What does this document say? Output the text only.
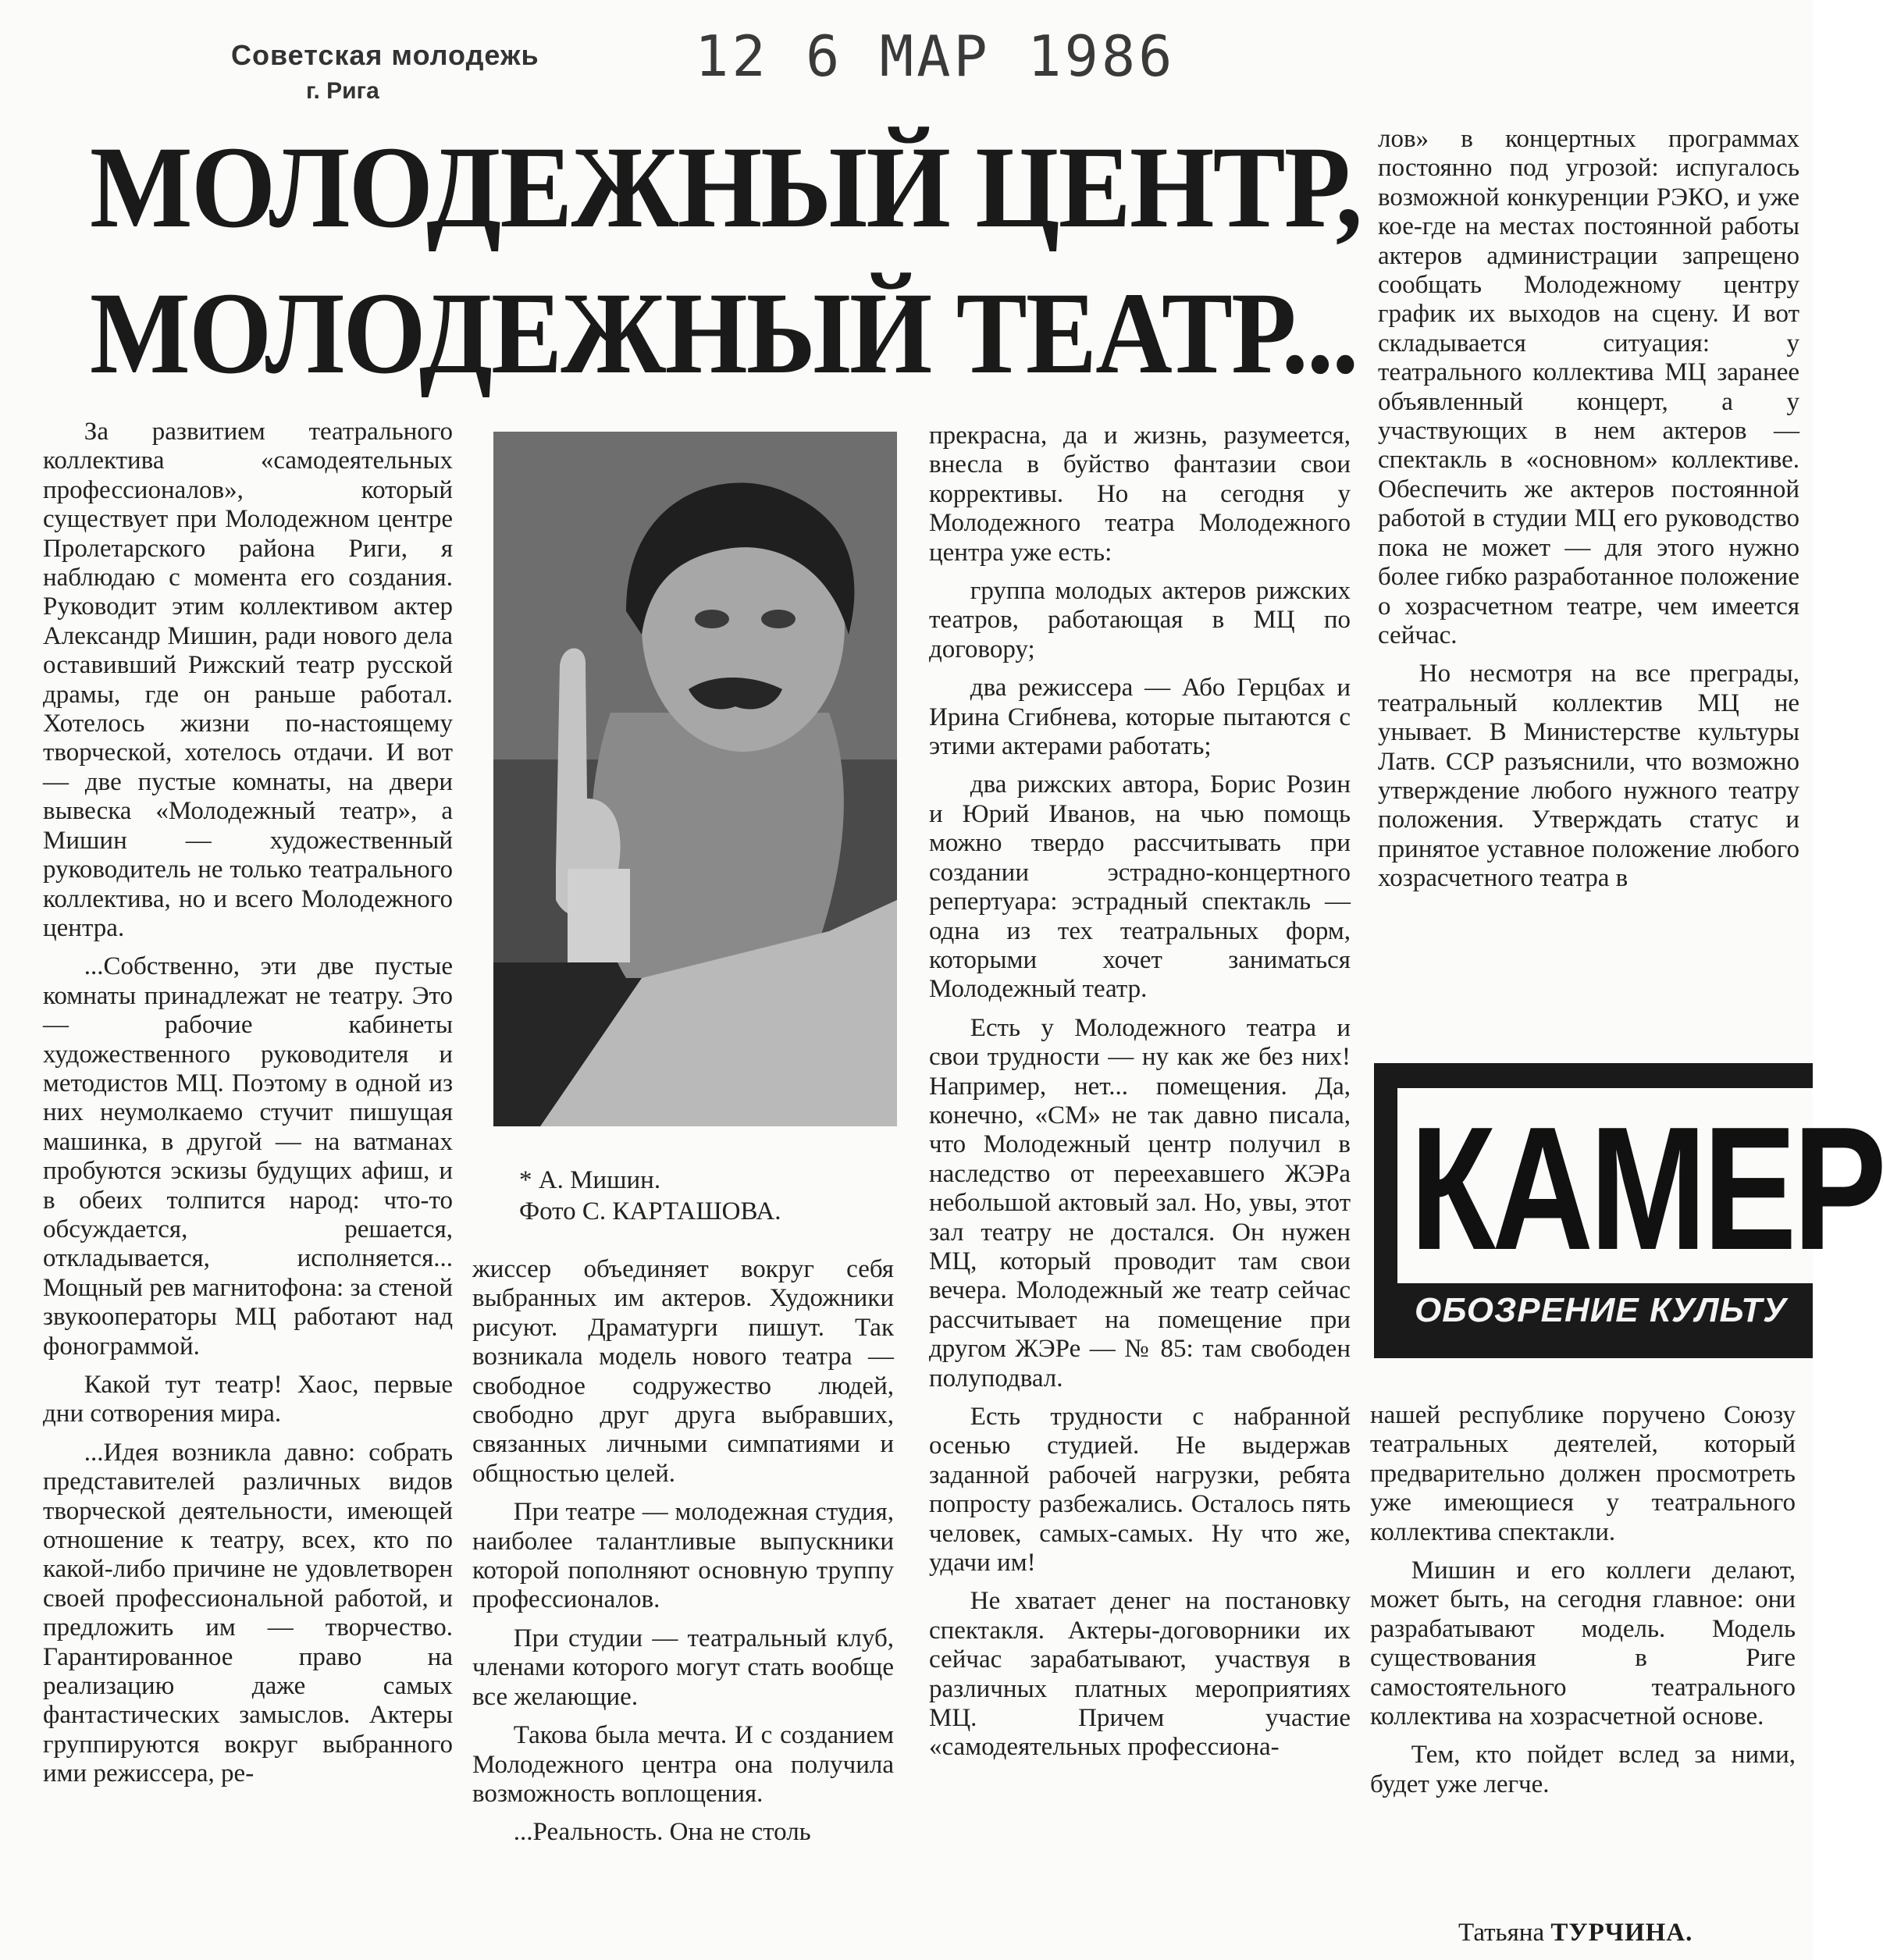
Советская молодежь
г. Рига
12 6 МАР 1986
МОЛОДЕЖНЫЙ ЦЕНТР,
МОЛОДЕЖНЫЙ ТЕАТР...

За развитием театрального коллектива «самодеятельных профессионалов», который существует при Молодежном центре Пролетарского района Риги, я наблюдаю с момента его создания. Руководит этим коллективом актер Александр Мишин, ради нового дела оставивший Рижский театр русской драмы, где он раньше работал. Хотелось жизни по-настоящему творческой, хотелось отдачи. И вот — две пустые комнаты, на двери вывеска «Молодежный театр», а Мишин — художественный руководитель не только театрального коллектива, но и всего Молодежного центра.

...Собственно, эти две пустые комнаты принадлежат не театру. Это — рабочие кабинеты художественного руководителя и методистов МЦ. Поэтому в одной из них неумолкаемо стучит пишущая машинка, в другой — на ватманах пробуются эскизы будущих афиш, и в обеих толпится народ: что-то обсуждается, решается, откладывается, исполняется... Мощный рев магнитофона: за стеной звукооператоры МЦ работают над фонограммой.

Какой тут театр! Хаос, первые дни сотворения мира.

...Идея возникла давно: собрать представителей различных видов творческой деятельности, имеющей отношение к театру, всех, кто по какой-либо причине не удовлетворен своей профессиональной работой, и предложить им — творчество. Гарантированное право на реализацию даже самых фантастических замыслов. Актеры группируются вокруг выбранного ими режиссера, ре-

* А. Мишин.
Фото С. КАРТАШОВА.

жиссер объединяет вокруг себя выбранных им актеров. Художники рисуют. Драматурги пишут. Так возникала модель нового театра — свободное содружество людей, свободно друг друга выбравших, связанных личными симпатиями и общностью целей.

При театре — молодежная студия, наиболее талантливые выпускники которой пополняют основную труппу профессионалов.

При студии — театральный клуб, членами которого могут стать вообще все желающие.

Такова была мечта. И с созданием Молодежного центра она получила возможность воплощения.

...Реальность. Она не столь

прекрасна, да и жизнь, разумеется, внесла в буйство фантазии свои коррективы. Но на сегодня у Молодежного театра Молодежного центра уже есть:

группа молодых актеров рижских театров, работающая в МЦ по договору;

два режиссера — Або Герцбах и Ирина Сгибнева, которые пытаются с этими актерами работать;

два рижских автора, Борис Розин и Юрий Иванов, на чью помощь можно твердо рассчитывать при создании эстрадно-концертного репертуара: эстрадный спектакль — одна из тех театральных форм, которыми хочет заниматься Молодежный театр.

Есть у Молодежного театра и свои трудности — ну как же без них! Например, нет... помещения. Да, конечно, «СМ» не так давно писала, что Молодежный центр получил в наследство от переехавшего ЖЭРа небольшой актовый зал. Но, увы, этот зал театру не достался. Он нужен МЦ, который проводит там свои вечера. Молодежный же театр сейчас рассчитывает на помещение при другом ЖЭРе — № 85: там свободен полуподвал.

Есть трудности с набранной осенью студией. Не выдержав заданной рабочей нагрузки, ребята попросту разбежались. Осталось пять человек, самых-самых. Ну что же, удачи им!

Не хватает денег на постановку спектакля. Актеры-договорники их сейчас зарабатывают, участвуя в различных платных мероприятиях МЦ. Причем участие «самодеятельных профессиона-

лов» в концертных программах постоянно под угрозой: испугалось возможной конкуренции РЭКО, и уже кое-где на местах постоянной работы актеров администрации запрещено сообщать Молодежному центру график их выходов на сцену. И вот складывается ситуация: у театрального коллектива МЦ заранее объявленный концерт, а у участвующих в нем актеров — спектакль в «основном» коллективе. Обеспечить же актеров постоянной работой в студии МЦ его руководство пока не может — для этого нужно более гибко разработанное положение о хозрасчетном театре, чем имеется сейчас.

Но несмотря на все преграды, театральный коллектив МЦ не унывает. В Министерстве культуры Латв. ССР разъяснили, что возможно утверждение любого нужного театру положения. Утверждать статус и принятое уставное положение любого хозрасчетного театра в

КАМЕР
ОБОЗРЕНИЕ КУЛЬТУ

нашей республике поручено Союзу театральных деятелей, который предварительно должен просмотреть уже имеющиеся у театрального коллектива спектакли.

Мишин и его коллеги делают, может быть, на сегодня главное: они разрабатывают модель. Модель существования в Риге самостоятельного театрального коллектива на хозрасчетной основе.

Тем, кто пойдет вслед за ними, будет уже легче.

Татьяна ТУРЧИНА.
